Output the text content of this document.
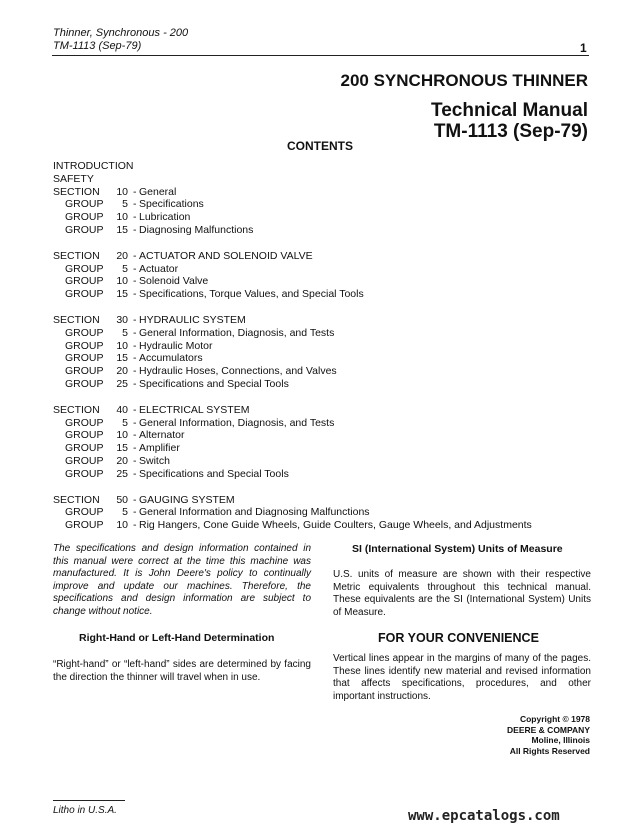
Thinner, Synchronous - 200
TM-1113 (Sep-79)	1
200 SYNCHRONOUS THINNER
Technical Manual
TM-1113 (Sep-79)
CONTENTS
INTRODUCTION
SAFETY
SECTION 10 - General
GROUP	5 - Specifications
GROUP 10 - Lubrication
GROUP 15 - Diagnosing Malfunctions
SECTION 20 - ACTUATOR AND SOLENOID VALVE
GROUP	5 - Actuator
GROUP 10 - Solenoid Valve
GROUP 15 - Specifications, Torque Values, and Special Tools
SECTION 30 - HYDRAULIC SYSTEM
GROUP	5 - General Information, Diagnosis, and Tests
GROUP 10 - Hydraulic Motor
GROUP 15 - Accumulators
GROUP 20 - Hydraulic Hoses, Connections, and Valves
GROUP 25 - Specifications and Special Tools
SECTION 40 - ELECTRICAL SYSTEM
GROUP	5 - General Information, Diagnosis, and Tests
GROUP 10 - Alternator
GROUP 15 - Amplifier
GROUP 20 - Switch
GROUP 25 - Specifications and Special Tools
SECTION 50 - GAUGING SYSTEM
GROUP	5 - General Information and Diagnosing Malfunctions
GROUP 10 - Rig Hangers, Cone Guide Wheels, Guide Coulters, Gauge Wheels, and Adjustments
The specifications and design information contained in this manual were correct at the time this machine was manufactured. It is John Deere's policy to continually improve and update our machines. Therefore, the specifications and design information are subject to change without notice.
Right-Hand or Left-Hand Determination
“Right-hand” or “left-hand” sides are determined by facing the direction the thinner will travel when in use.
SI (International System) Units of Measure
U.S. units of measure are shown with their respective Metric equivalents throughout this technical manual. These equivalents are the SI (International System) Units of Measure.
FOR YOUR CONVENIENCE
Vertical lines appear in the margins of many of the pages. These lines identify new material and revised information that affects specifications, procedures, and other important instructions.
Copyright © 1978
DEERE & COMPANY
Moline, Illinois
All Rights Reserved
Litho in U.S.A.	www.epcatalogs.com
